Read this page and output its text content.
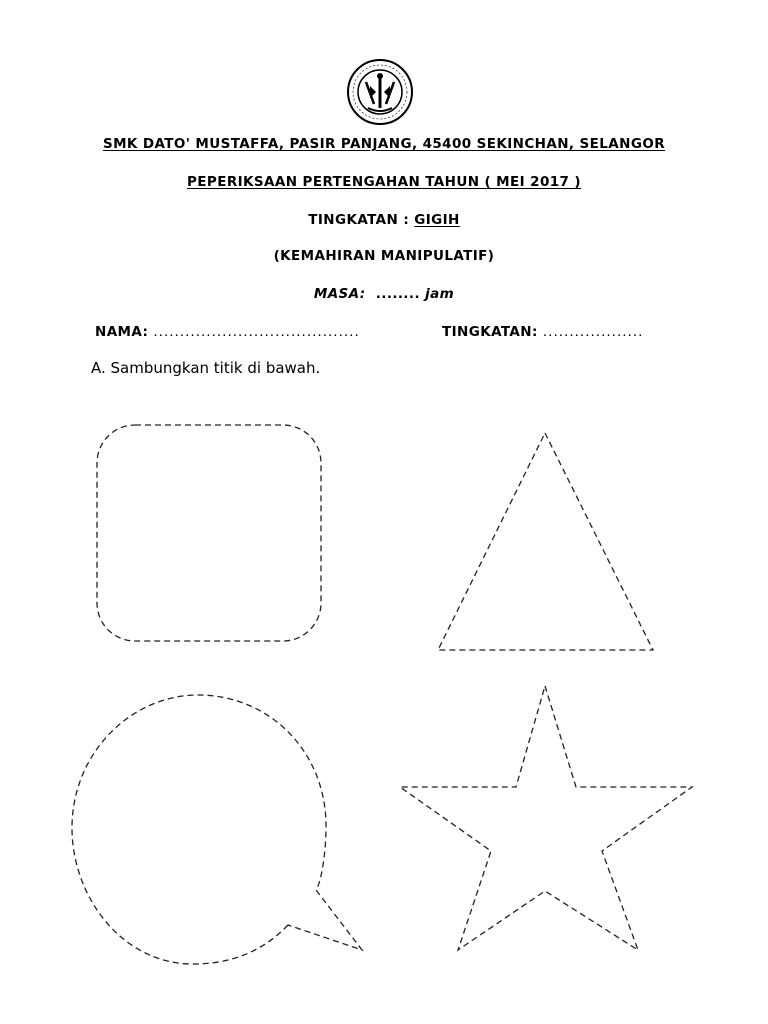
SMK DATO' MUSTAFFA, PASIR PANJANG, 45400 SEKINCHAN, SELANGOR

PEPERIKSAAN PERTENGAHAN TAHUN ( MEI 2017 )

TINGKATAN : GIGIH

(KEMAHIRAN MANIPULATIF)

MASA: ........ jam

NAMA: .......................................	TINGKATAN: ...................
A. Sambungkan titik di bawah.
